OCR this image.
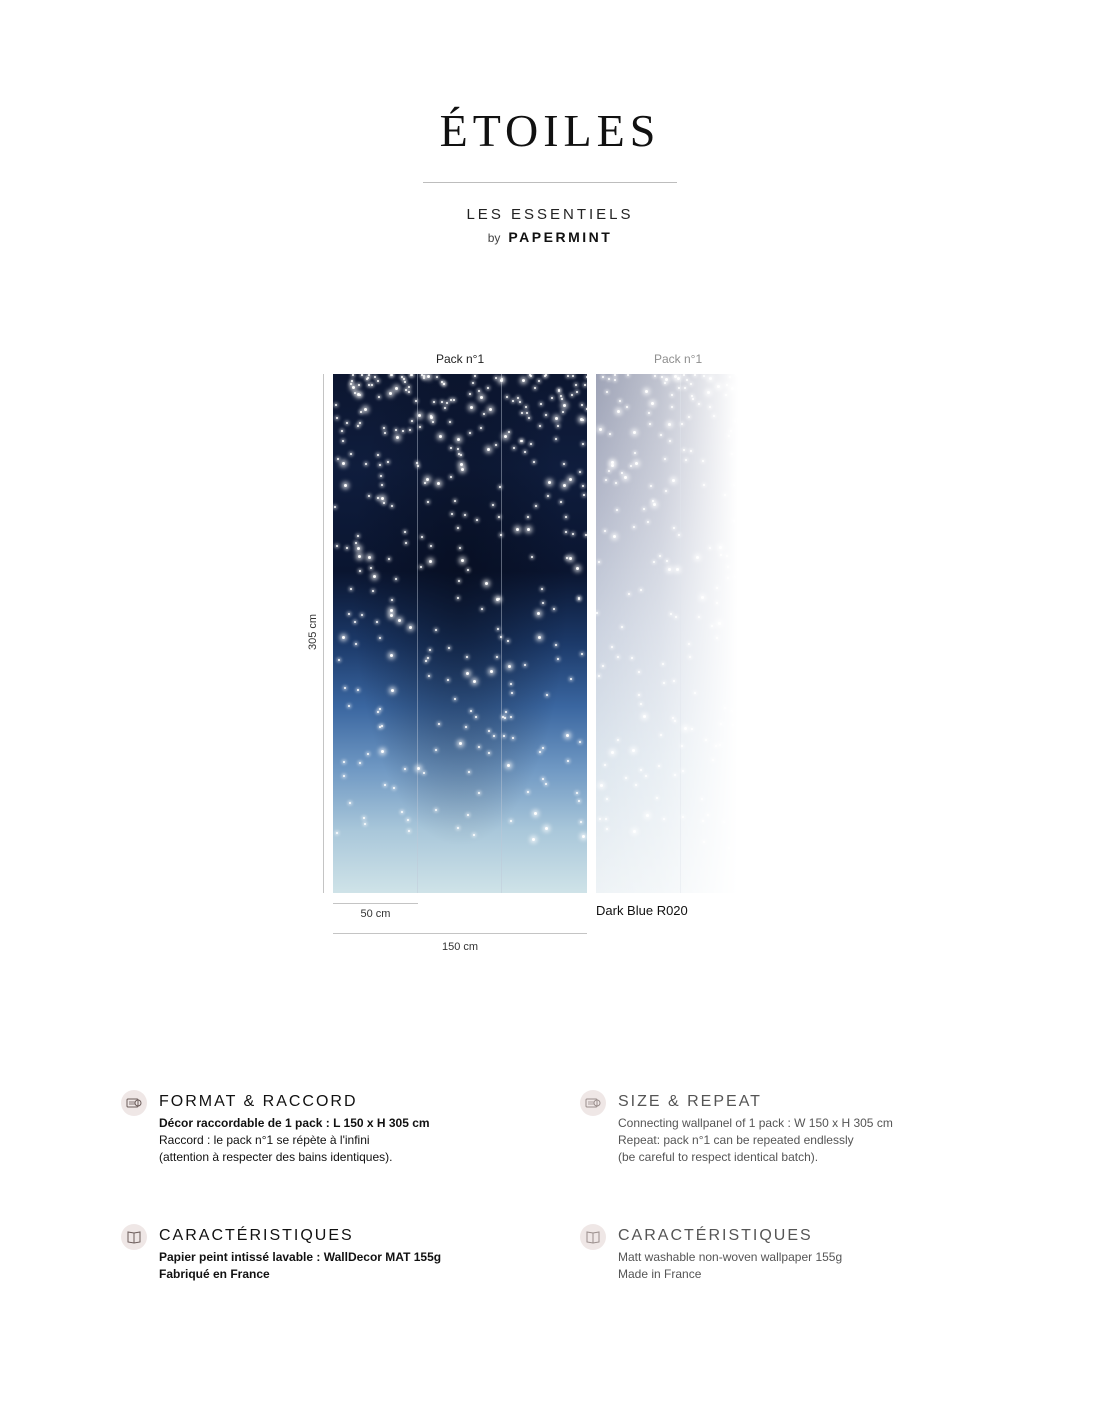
ÉTOILES
LES ESSENTIELS
by PAPERMINT
Pack n°1	Pack n°1
305 cm
50 cm
150 cm
Dark Blue R020
FORMAT & RACCORD
Décor raccordable de 1 pack : L 150 x H 305 cm
Raccord : le pack n°1 se répète à l'infini
(attention à respecter des bains identiques).
SIZE & REPEAT
Connecting wallpanel of 1 pack : W 150 x H 305 cm
Repeat: pack n°1 can be repeated endlessly
(be careful to respect identical batch).
CARACTÉRISTIQUES
Papier peint intissé lavable : WallDecor MAT 155g
Fabriqué en France
CARACTÉRISTIQUES
Matt washable non-woven wallpaper 155g
Made in France
